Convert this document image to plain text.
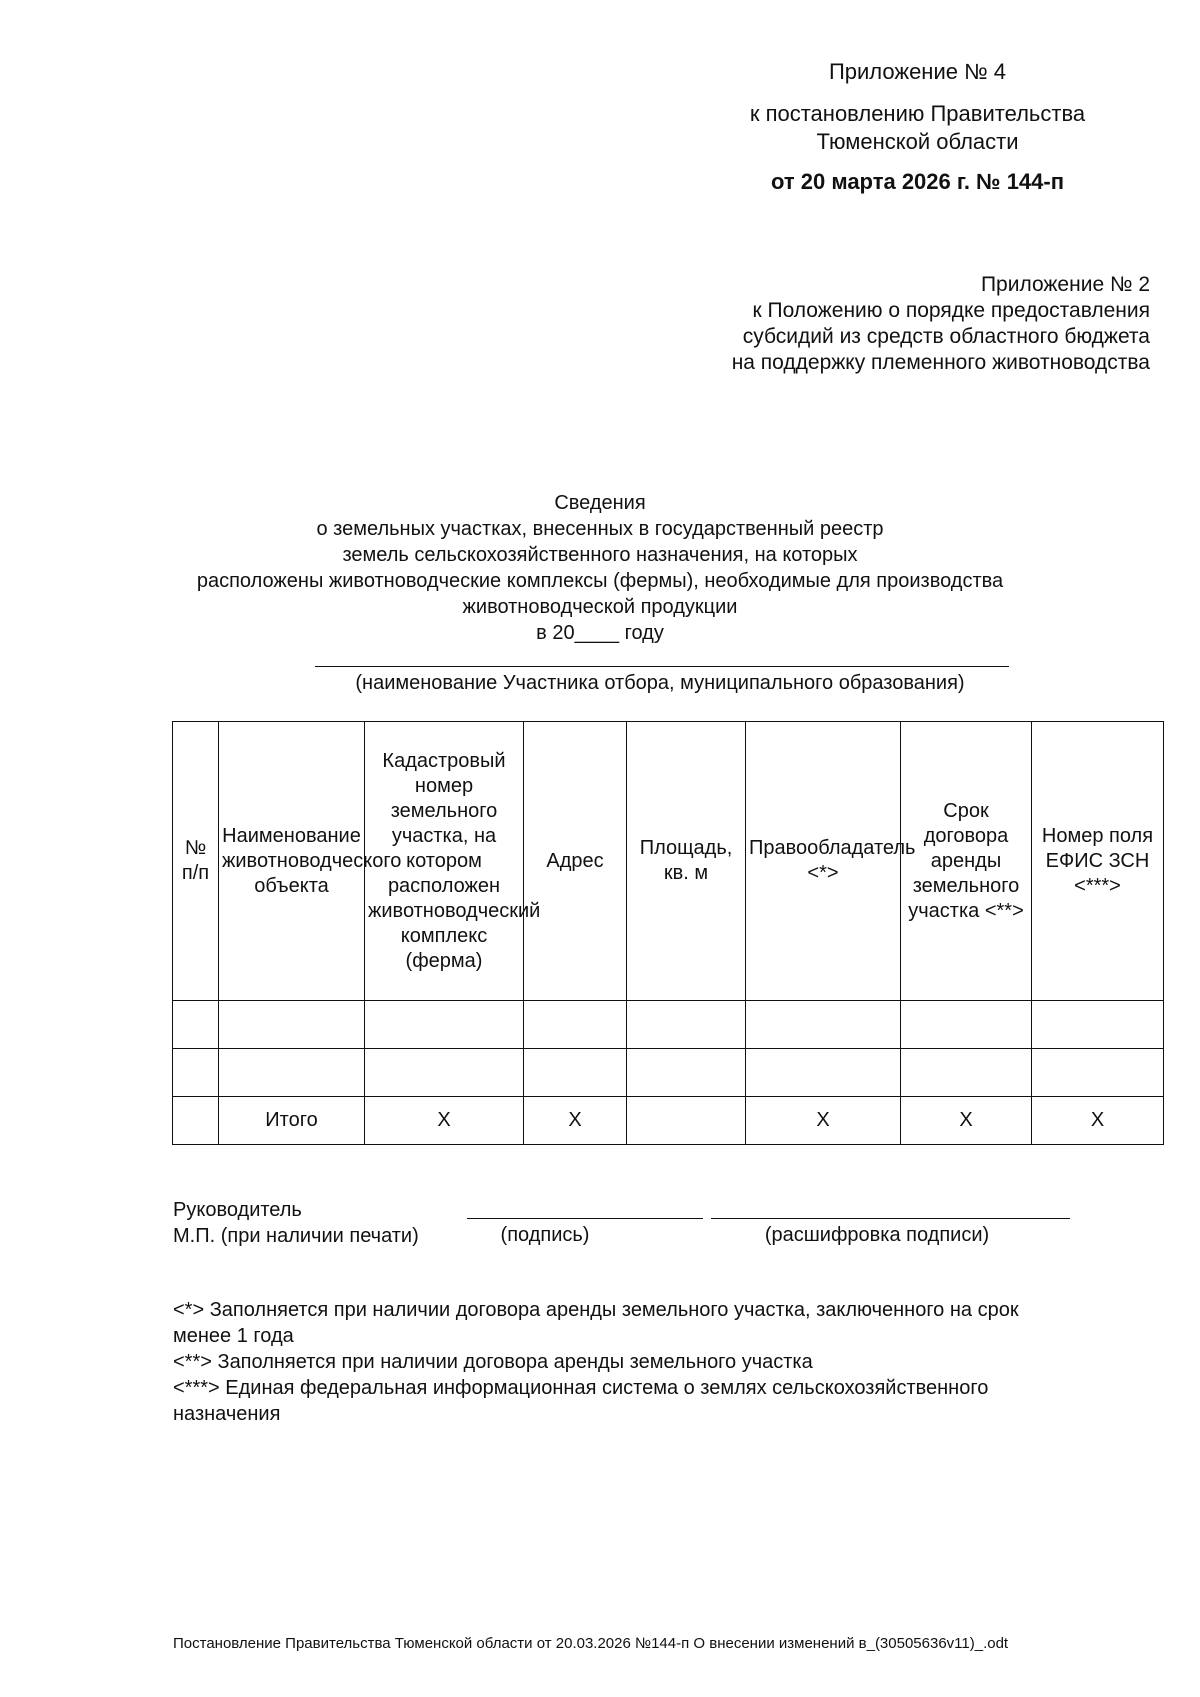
Приложение № 4
к постановлению Правительства
Тюменской области
от 20 марта 2026 г. № 144-п
Приложение № 2
к Положению о порядке предоставления
субсидий из средств областного бюджета
на поддержку племенного животноводства
Сведения
о земельных участках, внесенных в государственный реестр
земель сельскохозяйственного назначения, на которых
расположены животноводческие комплексы (фермы), необходимые для производства
животноводческой продукции
в 20____ году
(наименование Участника отбора, муниципального образования)
№ п/п	Наименование животноводческого объекта	Кадастровый номер земельного участка, на котором расположен животноводческий комплекс (ферма)	Адрес	Площадь, кв. м	Правообладатель <*>	Срок договора аренды земельного участка <**>	Номер поля ЕФИС ЗСН <***>

	Итого	X	X		X	X	X
Руководитель
М.П. (при наличии печати)	(подпись)	(расшифровка подписи)
<*> Заполняется при наличии договора аренды земельного участка, заключенного на срок
менее 1 года
<**> Заполняется при наличии договора аренды земельного участка
<***> Единая федеральная информационная система о землях сельскохозяйственного
назначения
Постановление Правительства Тюменской области от 20.03.2026 №144-п О внесении изменений в_(30505636v11)_.odt
